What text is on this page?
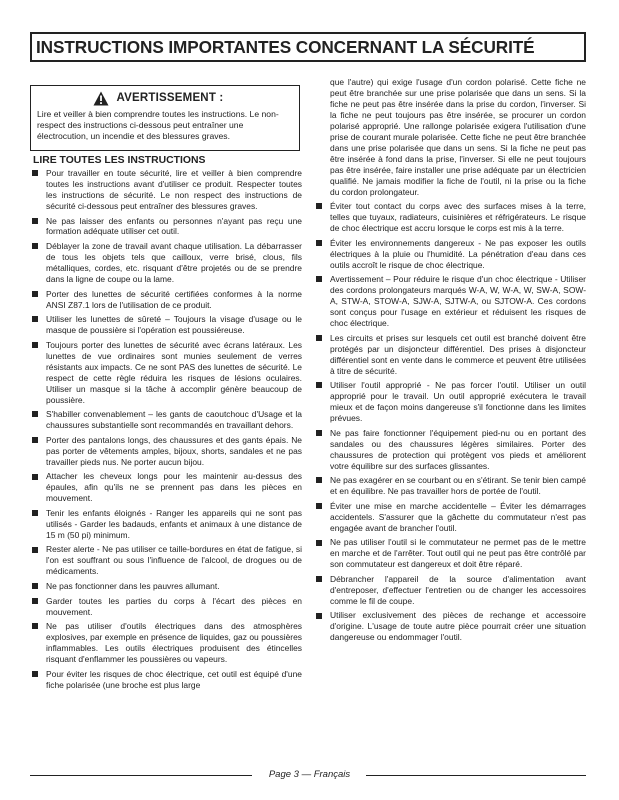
INSTRUCTIONS IMPORTANTES CONCERNANT LA SÉCURITÉ
AVERTISSEMENT :
Lire et veiller à bien comprendre toutes les instructions. Le non-respect des instructions ci-dessous peut entraîner une électrocution, un incendie et des blessures graves.
LIRE TOUTES LES INSTRUCTIONS
Pour travailler en toute sécurité, lire et veiller à bien comprendre toutes les instructions avant d'utiliser ce produit. Respecter toutes les instructions de sécurité. Le non respect des instructions de sécurité ci-dessous peut entraîner des blessures graves.
Ne pas laisser des enfants ou personnes n'ayant pas reçu une formation adéquate utiliser cet outil.
Déblayer la zone de travail avant chaque utilisation. La débarrasser de tous les objets tels que cailloux, verre brisé, clous, fils métalliques, cordes, etc. risquant d'être projetés ou de se prendre dans la ligne de coupe ou la lame.
Porter des lunettes de sécurité certifiées conformes à la norme ANSI Z87.1 lors de l'utilisation de ce produit.
Utiliser les lunettes de sûreté – Toujours la visage d'usage ou le masque de poussière si l'opération est poussiéreuse.
Toujours porter des lunettes de sécurité avec écrans latéraux. Les lunettes de vue ordinaires sont munies seulement de verres résistants aux impacts. Ce ne sont PAS des lunettes de sécurité. Le respect de cette règle réduira les risques de lésions oculaires. Utiliser un masque si la tâche à accomplir génère beaucoup de poussière.
S'habiller convenablement – les gants de caoutchouc d'Usage et la chaussures substantielle sont recommandés en travaillant dehors.
Porter des pantalons longs, des chaussures et des gants épais. Ne pas porter de vêtements amples, bijoux, shorts, sandales et ne pas travailler pieds nus. Ne porter aucun bijou.
Attacher les cheveux longs pour les maintenir au-dessus des épaules, afin qu'ils ne se prennent pas dans les pièces en mouvement.
Tenir les enfants éloignés - Ranger les appareils qui ne sont pas utilisés - Garder les badauds, enfants et animaux à une distance de 15 m (50 pi) minimum.
Rester alerte - Ne pas utiliser ce taille-bordures en état de fatigue, si l'on est souffrant ou sous l'influence de l'alcool, de drogues ou de médicaments.
Ne pas fonctionner dans les pauvres allumant.
Garder toutes les parties du corps à l'écart des pièces en mouvement.
Ne pas utiliser d'outils électriques dans des atmosphères explosives, par exemple en présence de liquides, gaz ou poussières inflammables. Les outils électriques produisent des étincelles risquant d'enflammer les poussières ou vapeurs.
Pour éviter les risques de choc électrique, cet outil est équipé d'une fiche polarisée (une broche est plus large
que l'autre) qui exige l'usage d'un cordon polarisé. Cette fiche ne peut être branchée sur une prise polarisée que dans un sens. Si la fiche ne peut pas être insérée dans la prise du cordon, l'inverser. Si la fiche ne peut toujours pas être insérée, se procurer un cordon polarisé approprié. Une rallonge polarisée exigera l'utilisation d'une prise de courant murale polarisée. Cette fiche ne peut être branchée dans une prise polarisée que dans un sens. Si la fiche ne peut pas être insérée à fond dans la prise, l'inverser. Si elle ne peut toujours pas être insérée, faire installer une prise adéquate par un électricien qualifié. Ne jamais modifier la fiche de l'outil, ni la prise ou la fiche du cordon prolongateur.
Éviter tout contact du corps avec des surfaces mises à la terre, telles que tuyaux, radiateurs, cuisinières et réfrigérateurs. Le risque de choc électrique est accru lorsque le corps est mis à la terre.
Éviter les environnements dangereux - Ne pas exposer les outils électriques à la pluie ou l'humidité. La pénétration d'eau dans ces outils accroît le risque de choc électrique.
Avertissement – Pour réduire le risque d'un choc électrique - Utiliser des cordons prolongateurs marqués W-A, W, W-A, W, SW-A, SOW-A, STW-A, STOW-A, SJW-A, SJTW-A, ou SJTOW-A. Ces cordons sont conçus pour l'usage en extérieur et réduisent les risques de choc électrique.
Les circuits et prises sur lesquels cet outil est branché doivent être protégés par un disjoncteur différentiel. Des prises à disjoncteur différentiel sont en vente dans le commerce et peuvent être utilisées à titre de sécurité.
Utiliser l'outil approprié - Ne pas forcer l'outil. Utiliser un outil approprié pour le travail. Un outil approprié exécutera le travail mieux et de façon moins dangereuse s'il fonctionne dans les limites prévues.
Ne pas faire fonctionner l'équipement pied-nu ou en portant des sandales ou des chaussures légères similaires. Porter des chaussures de protection qui protègent vos pieds et améliorent votre équilibre sur des surfaces glissantes.
Ne pas exagérer en se courbant ou en s'étirant. Se tenir bien campé et en équilibre. Ne pas travailler hors de portée de l'outil.
Éviter une mise en marche accidentelle – Éviter les démarrages accidentels. S'assurer que la gâchette du commutateur n'est pas engagée avant de brancher l'outil.
Ne pas utiliser l'outil si le commutateur ne permet pas de le mettre en marche et de l'arrêter. Tout outil qui ne peut pas être contrôlé par son commutateur est dangereux et doit être réparé.
Débrancher l'appareil de la source d'alimentation avant d'entreposer, d'effectuer l'entretien ou de changer les accessoires comme le fil de coupe.
Utiliser exclusivement des pièces de rechange et accessoire d'origine. L'usage de toute autre pièce pourrait créer une situation dangereuse ou endommager l'outil.
Page 3 — Français
